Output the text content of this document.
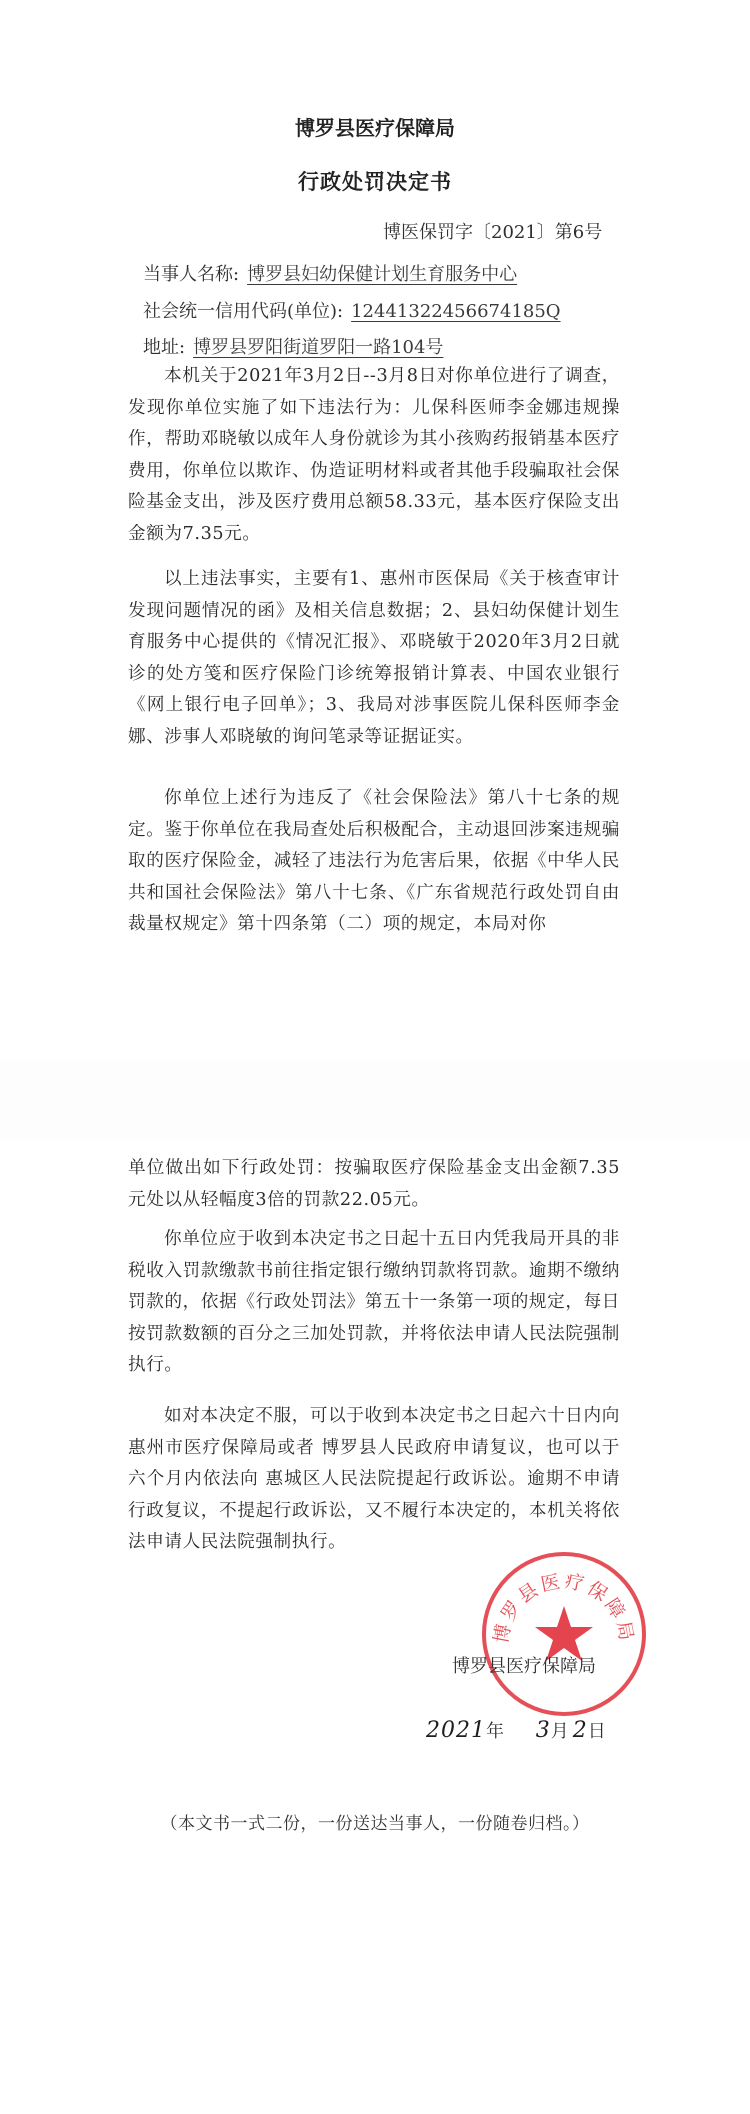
博罗县医疗保障局
行政处罚决定书
博医保罚字〔2021〕第6号
当事人名称: 博罗县妇幼保健计划生育服务中心
社会统一信用代码(单位): 12441322456674185Q
地址: 博罗县罗阳街道罗阳一路104号
本机关于2021年3月2日--3月8日对你单位进行了调查，发现你单位实施了如下违法行为：儿保科医师李金娜违规操作，帮助邓晓敏以成年人身份就诊为其小孩购药报销基本医疗费用，你单位以欺诈、伪造证明材料或者其他手段骗取社会保险基金支出，涉及医疗费用总额58.33元，基本医疗保险支出金额为7.35元。
以上违法事实，主要有1、惠州市医保局《关于核查审计发现问题情况的函》及相关信息数据；2、县妇幼保健计划生育服务中心提供的《情况汇报》、邓晓敏于2020年3月2日就诊的处方笺和医疗保险门诊统筹报销计算表、中国农业银行《网上银行电子回单》；3、我局对涉事医院儿保科医师李金娜、涉事人邓晓敏的询问笔录等证据证实。
你单位上述行为违反了《社会保险法》第八十七条的规定。鉴于你单位在我局查处后积极配合，主动退回涉案违规骗取的医疗保险金，减轻了违法行为危害后果，依据《中华人民共和国社会保险法》第八十七条、《广东省规范行政处罚自由裁量权规定》第十四条第（二）项的规定，本局对你
单位做出如下行政处罚：按骗取医疗保险基金支出金额7.35元处以从轻幅度3倍的罚款22.05元。
你单位应于收到本决定书之日起十五日内凭我局开具的非税收入罚款缴款书前往指定银行缴纳罚款将罚款。逾期不缴纳罚款的，依据《行政处罚法》第五十一条第一项的规定，每日按罚款数额的百分之三加处罚款，并将依法申请人民法院强制执行。
如对本决定不服，可以于收到本决定书之日起六十日内向惠州市医疗保障局或者 博罗县人民政府申请复议，也可以于六个月内依法向 惠城区人民法院提起行政诉讼。逾期不申请行政复议，不提起行政诉讼，又不履行本决定的，本机关将依法申请人民法院强制执行。
博罗县医疗保障局
博罗县医疗保障局
2021年 3月 2日
（本文书一式二份，一份送达当事人，一份随卷归档。）
